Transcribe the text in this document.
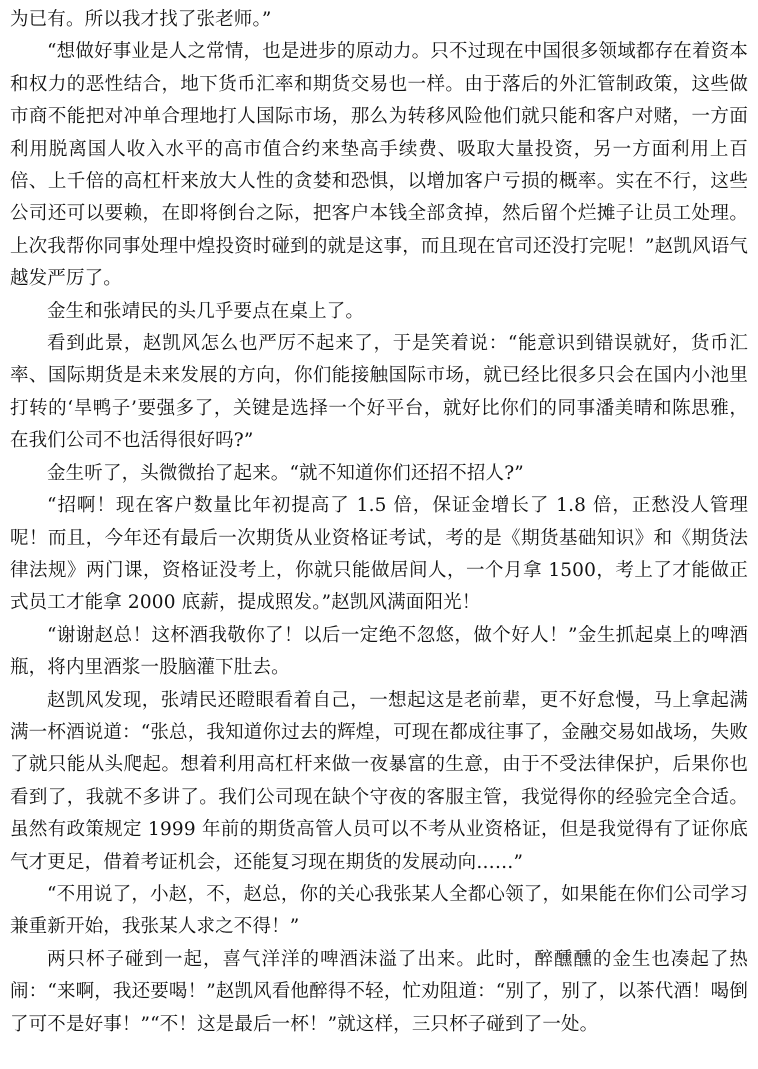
为已有。所以我才找了张老师。”

“想做好事业是人之常情，也是进步的原动力。只不过现在中国很多领域都存在着资本和权力的恶性结合，地下货币汇率和期货交易也一样。由于落后的外汇管制政策，这些做市商不能把对冲单合理地打人国际市场，那么为转移风险他们就只能和客户对赌，一方面利用脱离国人收入水平的高市值合约来垫高手续费、吸取大量投资，另一方面利用上百倍、上千倍的高杠杆来放大人性的贪婪和恐惧，以增加客户亏损的概率。实在不行，这些公司还可以要赖，在即将倒台之际，把客户本钱全部贪掉，然后留个烂摊子让员工处理。上次我帮你同事处理中煌投资时碰到的就是这事，而且现在官司还没打完呢！”赵凯风语气越发严厉了。

金生和张靖民的头几乎要点在桌上了。

看到此景，赵凯风怎么也严厉不起来了，于是笑着说：“能意识到错误就好，货币汇率、国际期货是未来发展的方向，你们能接触国际市场，就已经比很多只会在国内小池里打转的‘旱鸭子’要强多了，关键是选择一个好平台，就好比你们的同事潘美晴和陈思雅，在我们公司不也活得很好吗?”

金生听了，头微微抬了起来。“就不知道你们还招不招人?”

“招啊！现在客户数量比年初提高了 1.5 倍，保证金增长了 1.8 倍，正愁没人管理呢！而且，今年还有最后一次期货从业资格证考试，考的是《期货基础知识》和《期货法律法规》两门课，资格证没考上，你就只能做居间人，一个月拿 1500，考上了才能做正式员工才能拿 2000 底薪，提成照发。”赵凯风满面阳光！

“谢谢赵总！这杯酒我敬你了！以后一定绝不忽悠，做个好人！”金生抓起桌上的啤酒瓶，将内里酒浆一股脑灌下肚去。

赵凯风发现，张靖民还瞪眼看着自己，一想起这是老前辈，更不好怠慢，马上拿起满满一杯酒说道：“张总，我知道你过去的辉煌，可现在都成往事了，金融交易如战场，失败了就只能从头爬起。想着利用高杠杆来做一夜暴富的生意，由于不受法律保护，后果你也看到了，我就不多讲了。我们公司现在缺个守夜的客服主管，我觉得你的经验完全合适。虽然有政策规定 1999 年前的期货高管人员可以不考从业资格证，但是我觉得有了证你底气才更足，借着考证机会，还能复习现在期货的发展动向……”

“不用说了，小赵，不，赵总，你的关心我张某人全都心领了，如果能在你们公司学习兼重新开始，我张某人求之不得！”

两只杯子碰到一起，喜气洋洋的啤酒沫溢了出来。此时，醉醺醺的金生也凑起了热闹：“来啊，我还要喝！”赵凯风看他醉得不轻，忙劝阻道：“别了，别了，以茶代酒！喝倒了可不是好事！”“不！这是最后一杯！”就这样，三只杯子碰到了一处。
